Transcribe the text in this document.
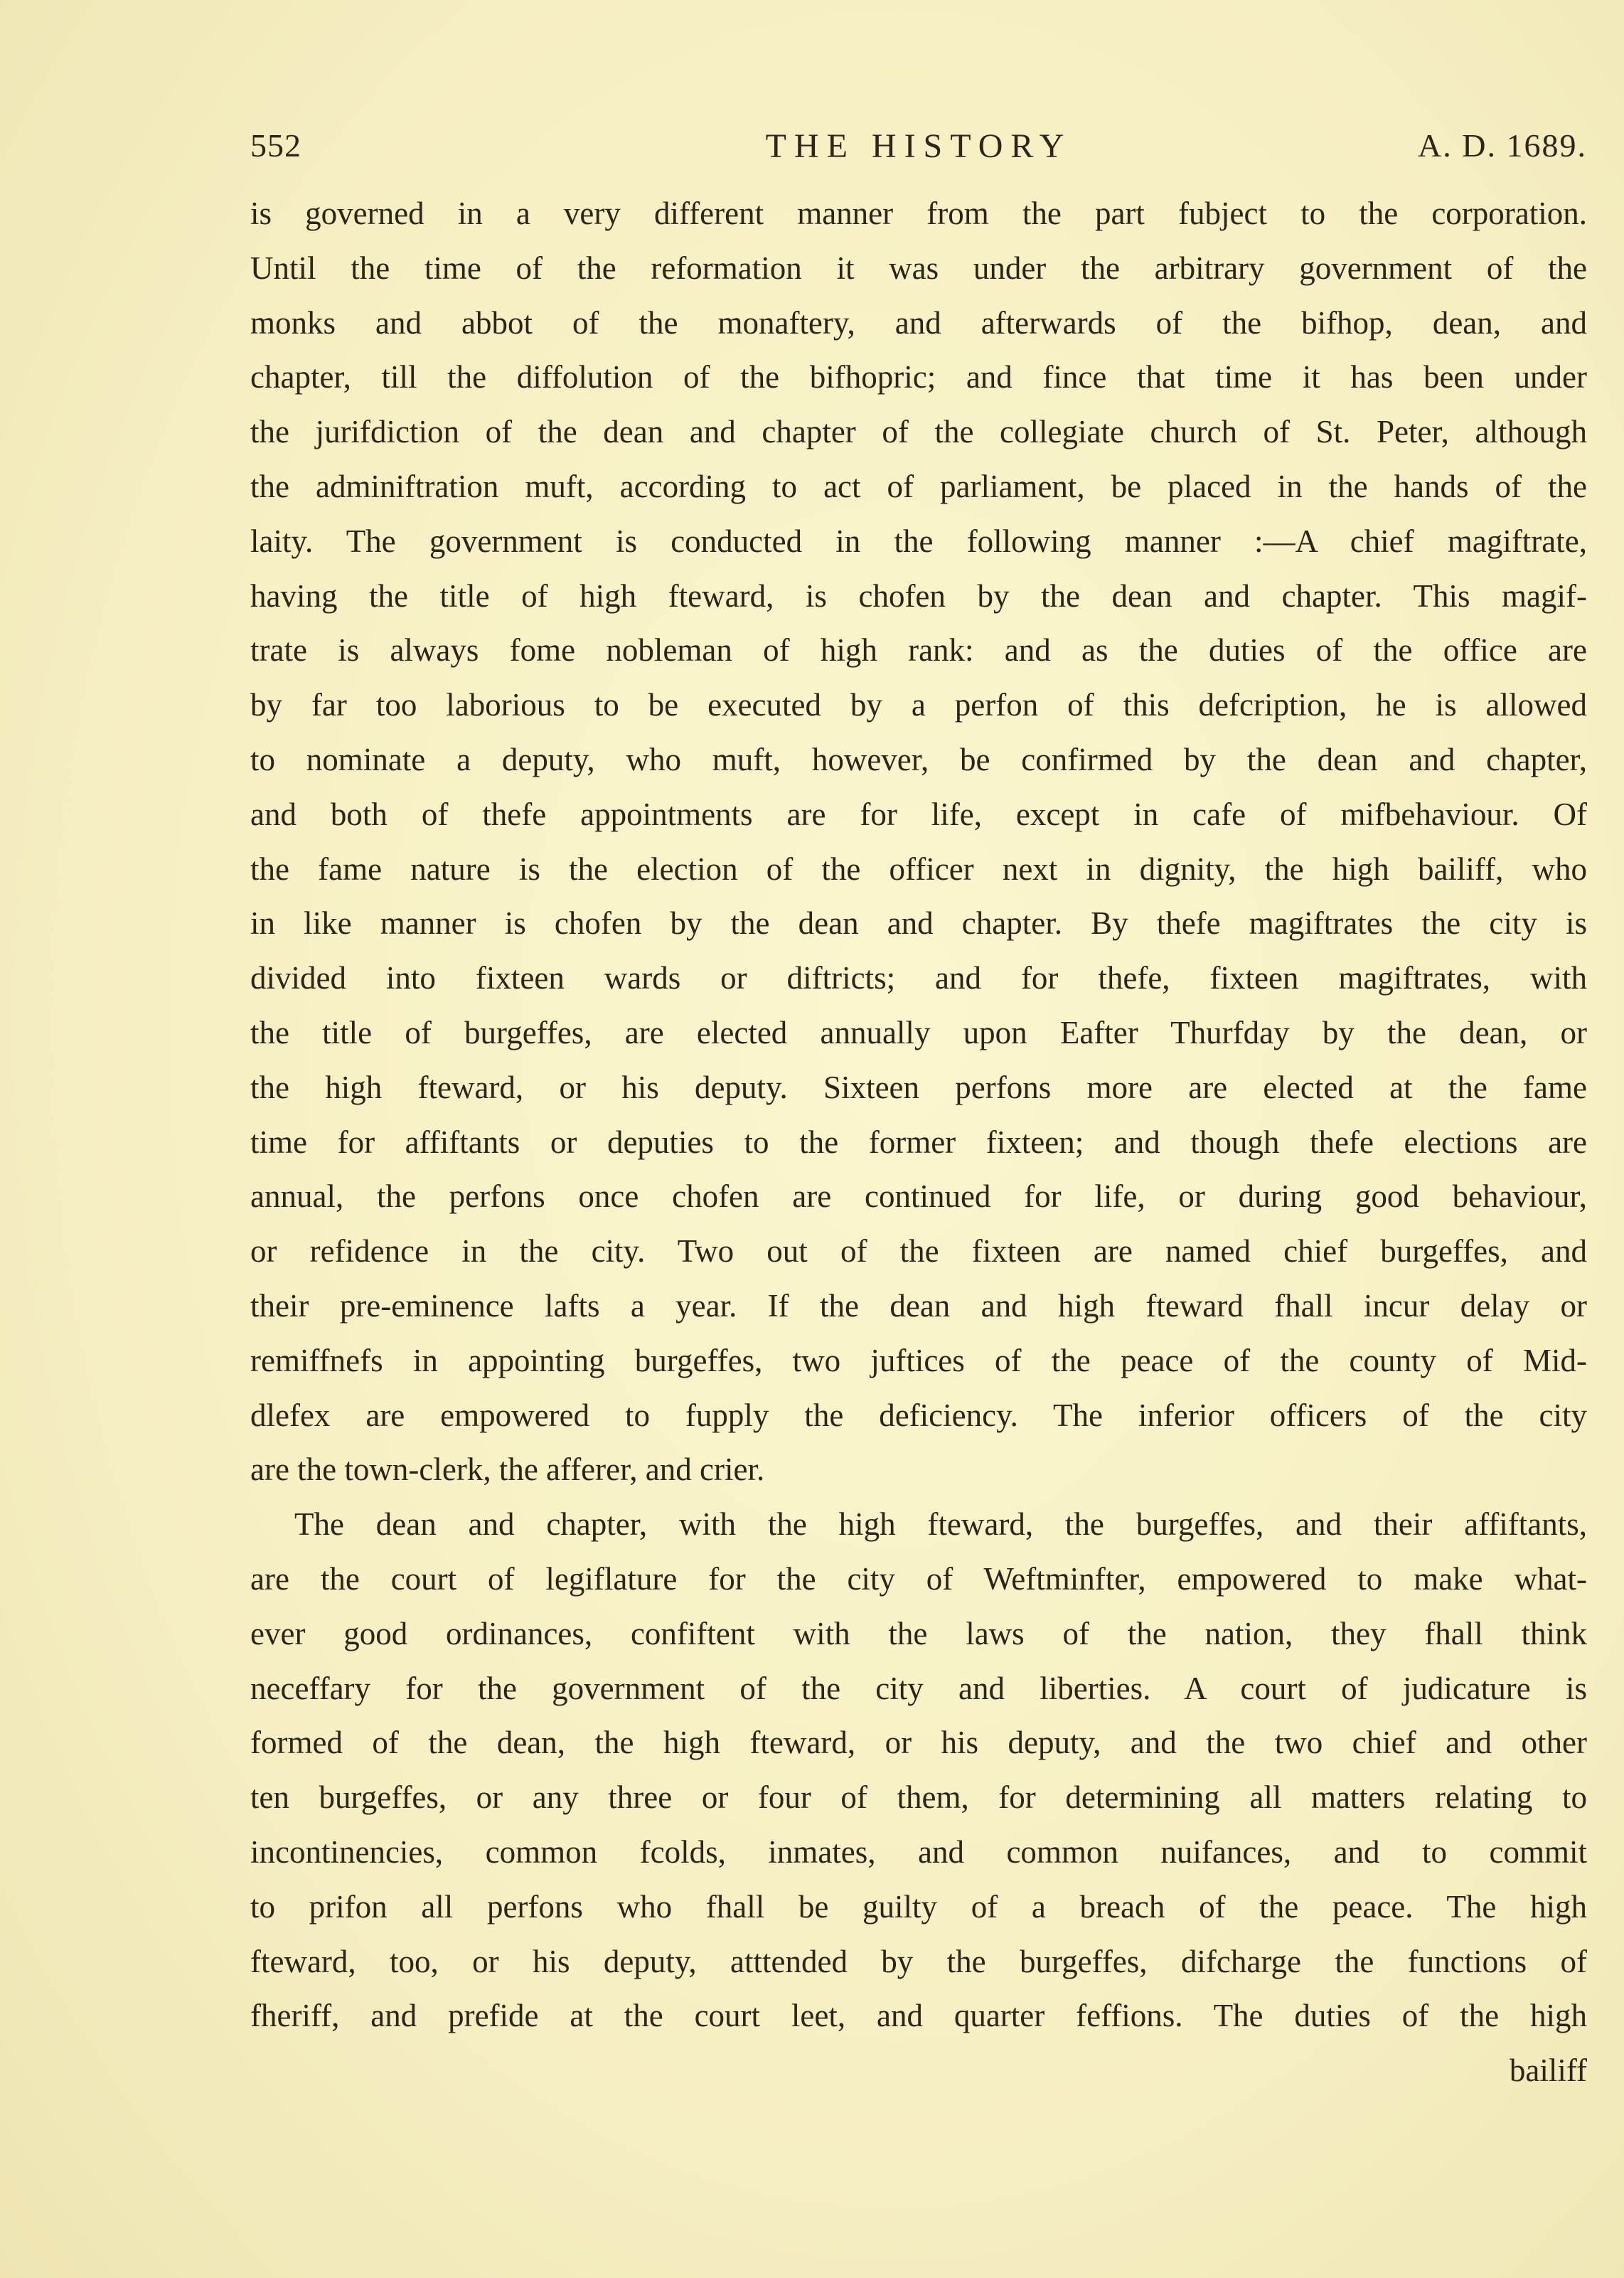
552	THE HISTORY	A. D. 1689.
is governed in a very different manner from the part fubject to the corporation.
Until the time of the reformation it was under the arbitrary government of the
monks and abbot of the monaftery, and afterwards of the bifhop, dean, and
chapter, till the diffolution of the bifhopric; and fince that time it has been under
the jurifdiction of the dean and chapter of the collegiate church of St. Peter, although
the adminiftration muft, according to act of parliament, be placed in the hands of the
laity. The government is conducted in the following manner :—A chief magiftrate,
having the title of high fteward, is chofen by the dean and chapter. This magif-
trate is always fome nobleman of high rank: and as the duties of the office are
by far too laborious to be executed by a perfon of this defcription, he is allowed
to nominate a deputy, who muft, however, be confirmed by the dean and chapter,
and both of thefe appointments are for life, except in cafe of mifbehaviour. Of
the fame nature is the election of the officer next in dignity, the high bailiff, who
in like manner is chofen by the dean and chapter. By thefe magiftrates the city is
divided into fixteen wards or diftricts; and for thefe, fixteen magiftrates, with
the title of burgeffes, are elected annually upon Eafter Thurfday by the dean, or
the high fteward, or his deputy. Sixteen perfons more are elected at the fame
time for affiftants or deputies to the former fixteen; and though thefe elections are
annual, the perfons once chofen are continued for life, or during good behaviour,
or refidence in the city. Two out of the fixteen are named chief burgeffes, and
their pre-eminence lafts a year. If the dean and high fteward fhall incur delay or
remiffnefs in appointing burgeffes, two juftices of the peace of the county of Mid-
dlefex are empowered to fupply the deficiency. The inferior officers of the city
are the town-clerk, the afferer, and crier.
The dean and chapter, with the high fteward, the burgeffes, and their affiftants,
are the court of legiflature for the city of Weftminfter, empowered to make what-
ever good ordinances, confiftent with the laws of the nation, they fhall think
neceffary for the government of the city and liberties. A court of judicature is
formed of the dean, the high fteward, or his deputy, and the two chief and other
ten burgeffes, or any three or four of them, for determining all matters relating to
incontinencies, common fcolds, inmates, and common nuifances, and to commit
to prifon all perfons who fhall be guilty of a breach of the peace. The high
fteward, too, or his deputy, atttended by the burgeffes, difcharge the functions of
fheriff, and prefide at the court leet, and quarter feffions. The duties of the high
bailiff
